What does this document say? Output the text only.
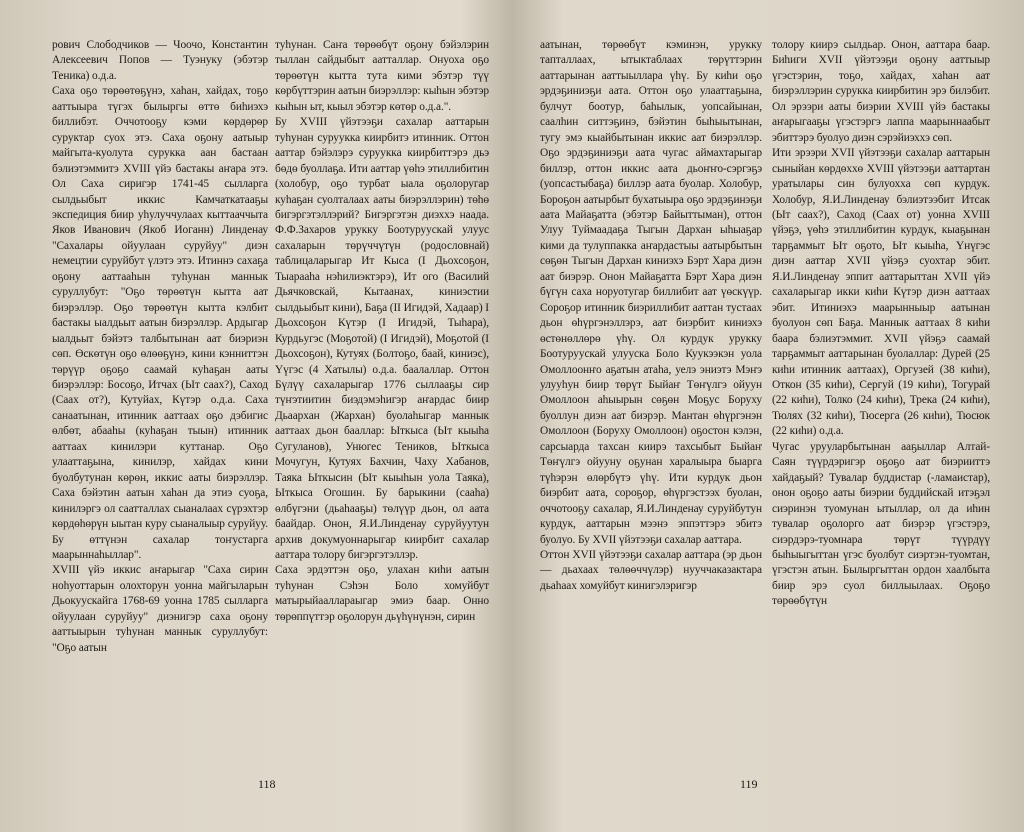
рович Слободчиков — Чоочо, Константин Алексеевич Попов — Туэнуку (эбэтэр Теника) о.д.а.
Саха оҕо төрөөтөҕүнэ, хаһан, хайдах, тоҕо ааттыыра түгэх былыргы өттө биһиэхэ биллибэт. Оччотооҕу кэми көрдөрөр суруктар суох этэ. Саха оҕону аатыыр майгыта-куолута сурукка аан бастаан бэлиэтэммитэ XVIII үйэ бастакы аҥара этэ. Ол Саха сиригэр 1741-45 сылларга сылдьыбыт иккис Камчаткатааҕы экспедиция биир уһулуччулаах кыттааччыта Яков Иванович (Якоб Иоганн) Линденау "Сахалары ойуулаан суруйуу" диэн немецтии суруйбут үлэтэ этэ. Итиннэ сахаҕа оҕону ааттааһын туһунан маннык суруллубут: "Оҕо төрөөтүн кытта аат биэрэллэр. Оҕо төрөөтүн кытта кэлбит бастакы ыалдьыт аатын биэрэллэр. Ардыгар ыалдьыт бэйэтэ талбытынан аат биэриэн сөп. Өскөтүн оҕо өлөөҕүнэ, кини кэнниттэн төрүүр оҕоҕо саамай куһаҕан ааты биэрэллэр: Босоҕо, Итчах (Ыт саах?), Саход (Саах от?), Кутуйах, Күтэр о.д.а. Саха санаатынан, итинник ааттаах оҕо дэбигис өлбөт, абааһы (куһаҕан тыын) итинник ааттаах кинилэри куттанар. Оҕо улааттаҕына, кинилэр, хайдах кини буолбутунан көрөн, иккис ааты биэрэллэр. Саха бэйэтин аатын хаһан да этиэ суоҕа, кинилэргэ ол саатталлах сыаналаах сүрэхтэр көрдөһөрүн ыытан куру сыаналыыр суруйуу. Бу өттүнэн сахалар тоҥустарга маарыннаһыллар".
XVIII үйэ иккис аҥарыгар "Саха сирин ноһуоттарын олохторун уонна майгыларын Дьокуускайга 1768-69 уонна 1785 сылларга ойуулаан суруйуу" диэнигэр саха оҕону ааттыырын туһунан маннык суруллубут: "Оҕо аатын
туһунан. Саҥа төрөөбүт оҕону бэйэлэрин тыллан сайдыбыт аатталлар. Онуоха оҕо төрөөтүн кытта тута кими эбэтэр түү көрбүттэрин аатын биэрэллэр: кыһын эбэтэр кыһын ыт, кыыл эбэтэр көтөр о.д.а.".
Бу XVIII үйэтээҕи сахалар ааттарын туһунан суруукка киирбитэ итинник. Оттон ааттар бэйэлэрэ суруукка киирбиттэрэ дьэ бөдө буоллаҕа. Ити ааттар үөһэ этиллибитин (холобур, оҕо турбат ыала оҕолоругар куһаҕан суолталаах ааты биэрэллэрин) төһө бигэргэтэллэрий? Бигэргэтэн диэххэ наада. Ф.Ф.Захаров урукку Боотуруускай улуус сахаларын төрүччүтүн (родословнай) таблицаларыгар Ит Кыса (I Дьохсоҕон, Тыарааһа нэһилиэктэрэ), Ит ого (Василий Дьячковскай, Кытаанах, киниэстии сылдьыбыт кини), Баҕа (II Игидэй, Хадаар) I Дьохсоҕон Күтэр (I Игидэй, Тыһара), Курдьугэс (Моҕотой) (I Игидэй), Моҕотой (I Дьохсоҕон), Кутуях (Болтоҕо, баай, киниэс), Үүгэс (4 Хатылы) о.д.а. баалаллар. Оттон Бүлүү сахаларыгар 1776 сыллааҕы сир түҥэтиитин биэдэмэһигэр аҥардас биир Дьаархан (Жархан) буолаһыгар маннык ааттаах дьон бааллар: Ыткыса (Ыт кыыһа Сугуланов), Унюгес Теников, Ыткыса Мочугун, Кутуях Бахчин, Чаху Хабанов, Таяка Ыткысин (Ыт кыыһын уола Таяка), Ыткыса Огошин. Бу барыкини (сааһа) өлбүгэни (дьаһааҕы) төлүүр дьон, ол аата баайдар. Онон, Я.И.Линденау суруйуутун архив докумуоннарыгар киирбит сахалар ааттара толору бигэргэтэллэр.
Саха эрдэттэн оҕо, улахан киһи аатын туһунан Сэһэн Боло хомуйбут матырыйааллараыгар эмиэ баар. Онно төрөппүттэр оҕолорун дьүһүнүнэн, сирин
118
аатынан, төрөөбүт кэминэн, урукку тапталлаах, ытыктаблаах төрүттэрин ааттарынан ааттыыллара үһү. Бу киһи оҕо эрдэҕиниэҕи аата. Оттон оҕо улааттаҕына, булчут боотур, баһылык, уопсайынан, саалһин ситтэҕинэ, бэйэтин быһыытынан, тугу эмэ кыайбытынан иккис аат биэрэллэр. Оҕо эрдэҕиниэҕи аата чугас аймахтарыгар биллэр, оттон иккис аата дьоҥҥо-сэргэҕэ (уопсастыбаҕа) биллэр аата буолар. Холобур, Бороҕон аатырбыт бухатыыра оҕо эрдэҕинэҕи аата Майаҕатта (эбэтэр Байыттыман), оттон Улуу Туймаадаҕа Тыгын Дархан ыһыаҕар кими да тулуппакка аҥардастыы аатырбытын сөҕөн Тыгын Дархан киниэхэ Бэрт Хара диэн аат биэрэр. Онон Майаҕатта Бэрт Хара диэн бүгүн саха норуотугар биллибит аат үөскүүр. Сороҕор итинник биэриллибит ааттан тустаах дьон өһүргэнэллэрэ, аат биэрбит киниэхэ өстөнөллөрө үһү. Ол курдук урукку Боотуруускай улууска Боло Куукээкэн уола Омоллоонҥо аҕатын атаһа, уелэ эниэтэ Мэҥэ улууһун биир төрүт Быйаҥ Төҥүлгэ ойуун Омоллоон аһыырын сөҕөн Моҕус Боруху буоллун диэн аат биэрэр. Мантан өһүргэнэн Омоллоон (Боруху Омоллоон) оҕостон кэлэн, сарсыарда тахсан киирэ тахсыбыт Быйаҥ Төҥүлгэ ойууну оҕунан харалыыра быарга түһэрэн өлөрбүтэ үһү. Ити курдук дьон биэрбит аата, сороҕор, өһүргэстээх буолан, оччотооҕу сахалар, Я.И.Линденау суруйбутун курдук, ааттарын мээнэ эппэттэрэ эбитэ буолуо. Бу XVII үйэтээҕи сахалар ааттара.
Оттон XVII үйэтээҕи сахалар ааттара (эр дьон — дьахаах төлөөччүлэр) нууччаказактара дьаһаах хомуйбут кинигэлэригэр
толору киирэ сылдьар. Онон, ааттара баар. Биһиги XVII үйэтээҕи оҕону ааттыыр үгэстэрин, тоҕо, хайдах, хаһан аат биэрэллэрин суруккa киирбитин эрэ билэбит. Ол эрээри ааты биэрии XVIII үйэ бастакы аҥарыгааҕы үгэстэргэ лаппа маарыннаабыт эбиттэрэ буолуо диэн сэрэйиэххэ сөп.
Ити эрээри XVII үйэтээҕи сахалар ааттарын сыныйан көрдөххө XVIII үйэтээҕи ааттартан уратылары син булуохха сөп курдук. Холобур, Я.И.Линденау бэлиэтээбит Итсак (Ыт саах?), Саход (Саах от) уонна XVIII үйэҕэ, үөһэ этиллибитин курдук, кыаҕынан тарҕаммыт Ыт оҕото, Ыт кыыһа, Үнүгэс диэн ааттар XVII үйэҕэ суохтар эбит. Я.И.Линденау эппит ааттарыттан XVII үйэ сахаларыгар икки киһи Күтэр диэн ааттаах эбит. Итиниэхэ маарынныыр аатынан буолуон сөп Баҕа. Маннык ааттаах 8 киһи баара бэлиэтэммит. XVII үйэҕэ саамай тарҕаммыт ааттарынан буолаллар: Дурей (25 киһи итинник ааттаах), Оргузей (38 киһи), Откон (35 киһи), Сергуй (19 киһи), Тогурай (22 киһи), Толко (24 киһи), Трека (24 киһи), Тюлях (32 киһи), Тюсерга (26 киһи), Тюсюк (22 киһи) о.д.а.
Чугас урууларбытынан ааҕыллар Алтай-Саян түүрдэригэр оҕоҕо аат биэрииттэ хайдаҕый? Тувалар буддистар (-ламаистар), онон оҕоҕо ааты биэрии буддийскай итэҕэл сиэринэн туомунан ытыллар, ол да иһин тувалар оҕолорго аат биэрэр үгэстэрэ, сиэрдэрэ-туомнара төрүт түүрдүү быһыыгыттан үгэс буолбут сиэртэн-туомтан, үгэстэн атын. Былыргыттан ордон хаалбыта биир эрэ суол биллыылаах. Оҕоҕо төрөөбүтүн
119
